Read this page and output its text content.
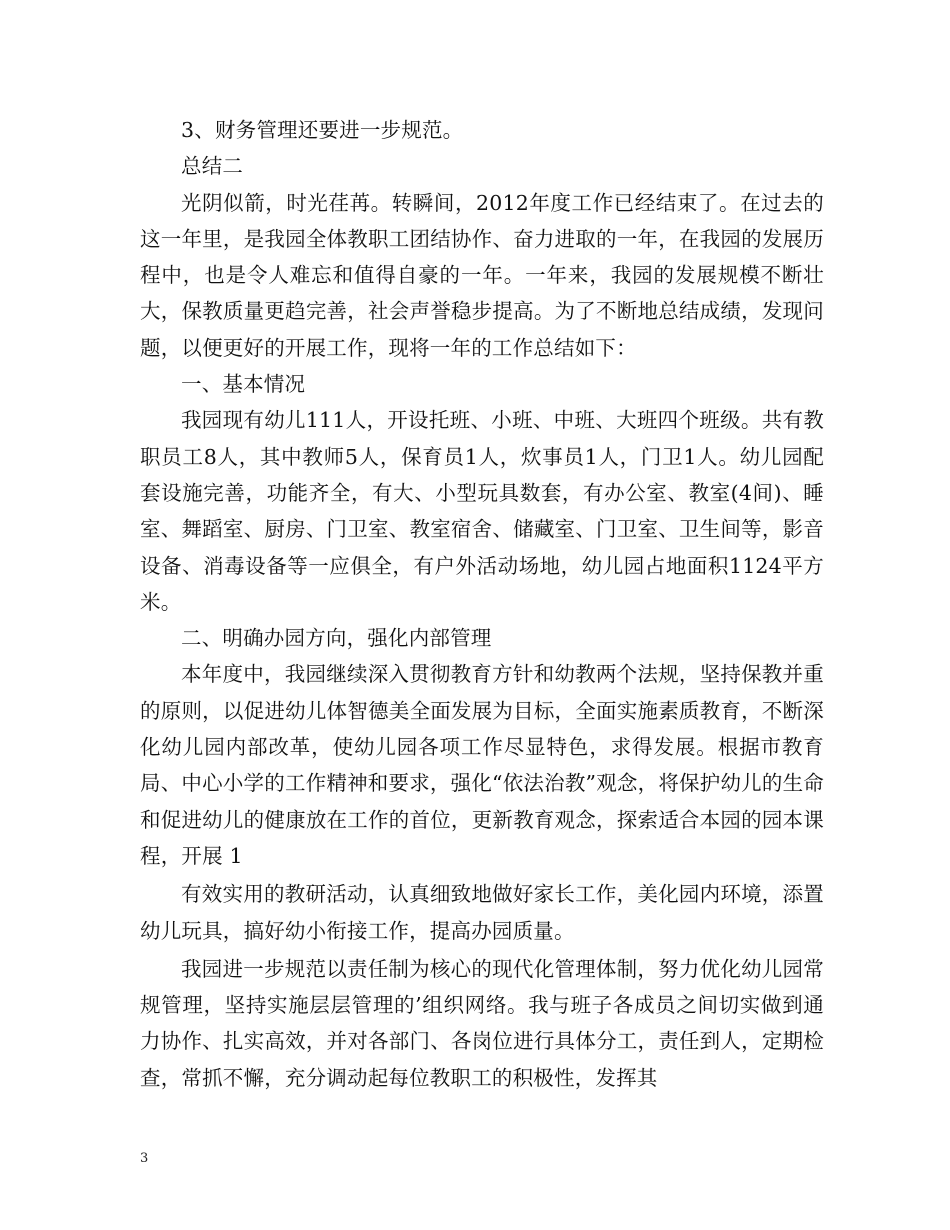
3、财务管理还要进一步规范。

总结二

光阴似箭，时光荏苒。转瞬间，2012年度工作已经结束了。在过去的这一年里，是我园全体教职工团结协作、奋力进取的一年，在我园的发展历程中，也是令人难忘和值得自豪的一年。一年来，我园的发展规模不断壮大，保教质量更趋完善，社会声誉稳步提高。为了不断地总结成绩，发现问题，以便更好的开展工作，现将一年的工作总结如下：

一、基本情况

我园现有幼儿111人，开设托班、小班、中班、大班四个班级。共有教职员工8人，其中教师5人，保育员1人，炊事员1人，门卫1人。幼儿园配套设施完善，功能齐全，有大、小型玩具数套，有办公室、教室(4间)、睡室、舞蹈室、厨房、门卫室、教室宿舍、储藏室、门卫室、卫生间等，影音设备、消毒设备等一应俱全，有户外活动场地，幼儿园占地面积1124平方米。

二、明确办园方向，强化内部管理

本年度中，我园继续深入贯彻教育方针和幼教两个法规，坚持保教并重的原则，以促进幼儿体智德美全面发展为目标，全面实施素质教育，不断深化幼儿园内部改革，使幼儿园各项工作尽显特色，求得发展。根据市教育局、中心小学的工作精神和要求，强化“依法治教”观念，将保护幼儿的生命和促进幼儿的健康放在工作的首位，更新教育观念，探索适合本园的园本课程，开展 1

有效实用的教研活动，认真细致地做好家长工作，美化园内环境，添置幼儿玩具，搞好幼小衔接工作，提高办园质量。

我园进一步规范以责任制为核心的现代化管理体制，努力优化幼儿园常规管理，坚持实施层层管理的’组织网络。我与班子各成员之间切实做到通力协作、扎实高效，并对各部门、各岗位进行具体分工，责任到人，定期检查，常抓不懈，充分调动起每位教职工的积极性，发挥其

3
